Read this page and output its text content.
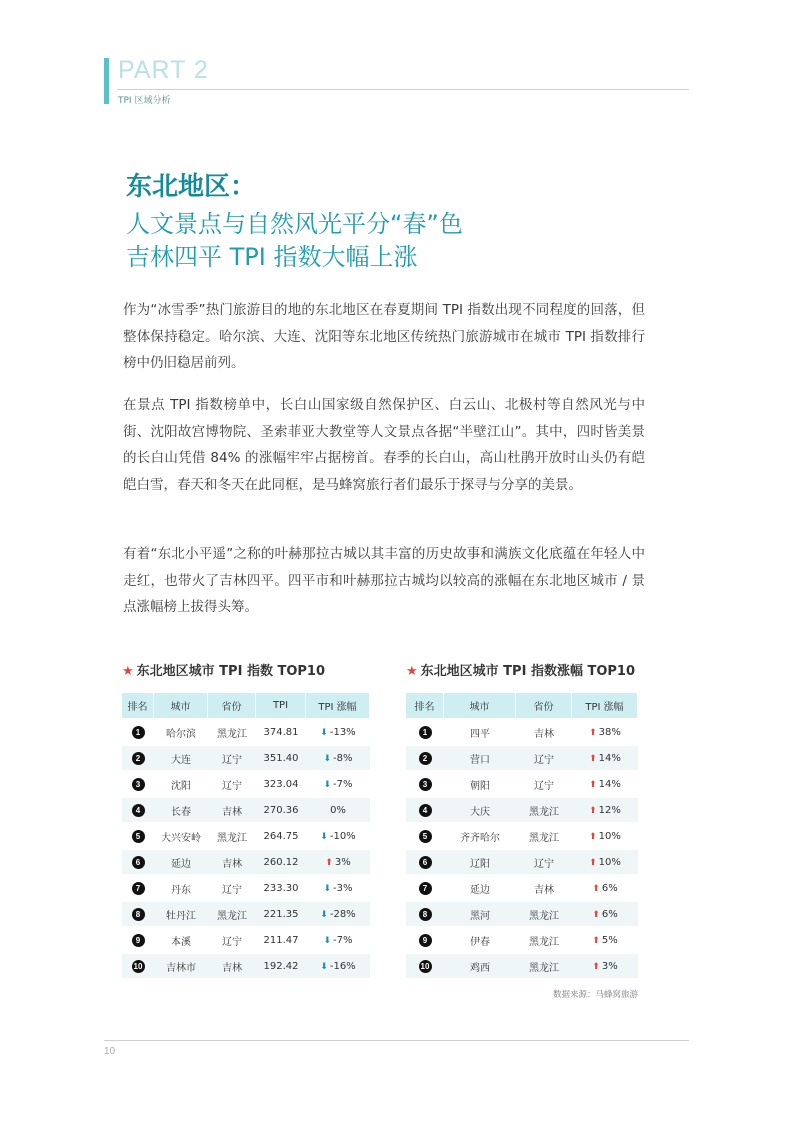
PART 2
TPI 区域分析
东北地区：
人文景点与自然风光平分“春”色
吉林四平 TPI 指数大幅上涨

作为“冰雪季”热门旅游目的地的东北地区在春夏期间 TPI 指数出现不同程度的回落，但整体保持稳定。哈尔滨、大连、沈阳等东北地区传统热门旅游城市在城市 TPI 指数排行榜中仍旧稳居前列。

在景点 TPI 指数榜单中，长白山国家级自然保护区、白云山、北极村等自然风光与中街、沈阳故宫博物院、圣索菲亚大教堂等人文景点各据“半壁江山”。其中，四时皆美景的长白山凭借 84% 的涨幅牢牢占据榜首。春季的长白山，高山杜鹃开放时山头仍有皑皑白雪，春天和冬天在此同框，是马蜂窝旅行者们最乐于探寻与分享的美景。

有着“东北小平遥”之称的叶赫那拉古城以其丰富的历史故事和满族文化底蕴在年轻人中走红，也带火了吉林四平。四平市和叶赫那拉古城均以较高的涨幅在东北地区城市 / 景点涨幅榜上拔得头筹。

★ 东北地区城市 TPI 指数 TOP10
排名	城市	省份	TPI	TPI 涨幅
1	哈尔滨	黑龙江	374.81	⬇ -13%
2	大连	辽宁	351.40	⬇ -8%
3	沈阳	辽宁	323.04	⬇ -7%
4	长春	吉林	270.36	0%
5	大兴安岭	黑龙江	264.75	⬇ -10%
6	延边	吉林	260.12	⬆ 3%
7	丹东	辽宁	233.30	⬇ -3%
8	牡丹江	黑龙江	221.35	⬇ -28%
9	本溪	辽宁	211.47	⬇ -7%
10	吉林市	吉林	192.42	⬇ -16%
★ 东北地区城市 TPI 指数涨幅 TOP10
排名	城市	省份	TPI 涨幅
1	四平	吉林	⬆ 38%
2	营口	辽宁	⬆ 14%
3	朝阳	辽宁	⬆ 14%
4	大庆	黑龙江	⬆ 12%
5	齐齐哈尔	黑龙江	⬆ 10%
6	辽阳	辽宁	⬆ 10%
7	延边	吉林	⬆ 6%
8	黑河	黑龙江	⬆ 6%
9	伊春	黑龙江	⬆ 5%
10	鸡西	黑龙江	⬆ 3%
数据来源：马蜂窝旅游
10
